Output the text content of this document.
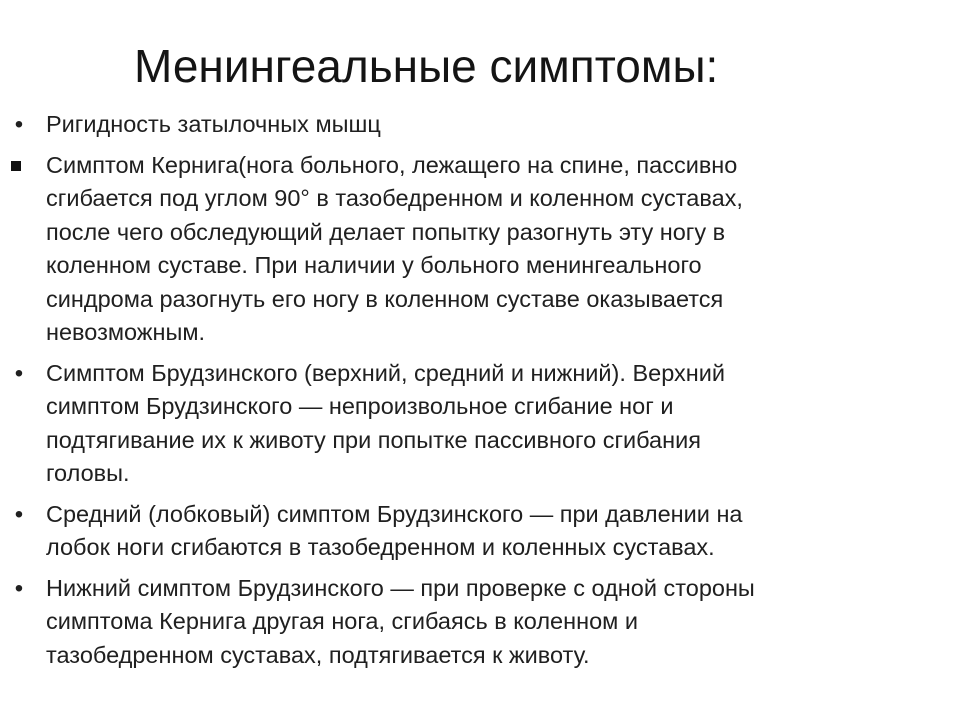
Менингеальные симптомы:
• Ригидность затылочных мышц
Симптом Кернига(нога больного, лежащего на спине, пассивно
сгибается под углом 90° в тазобедренном и коленном суставах,
после чего обследующий делает попытку разогнуть эту ногу в
коленном суставе. При наличии у больного менингеального
синдрома разогнуть его ногу в коленном суставе оказывается
невозможным.
• Симптом Брудзинского (верхний, средний и нижний). Верхний
симптом Брудзинского — непроизвольное сгибание ног и
подтягивание их к животу при попытке пассивного сгибания
головы.
• Средний (лобковый) симптом Брудзинского — при давлении на
лобок ноги сгибаются в тазобедренном и коленных суставах.
• Нижний симптом Брудзинского — при проверке с одной стороны
симптома Кернига другая нога, сгибаясь в коленном и
тазобедренном суставах, подтягивается к животу.
